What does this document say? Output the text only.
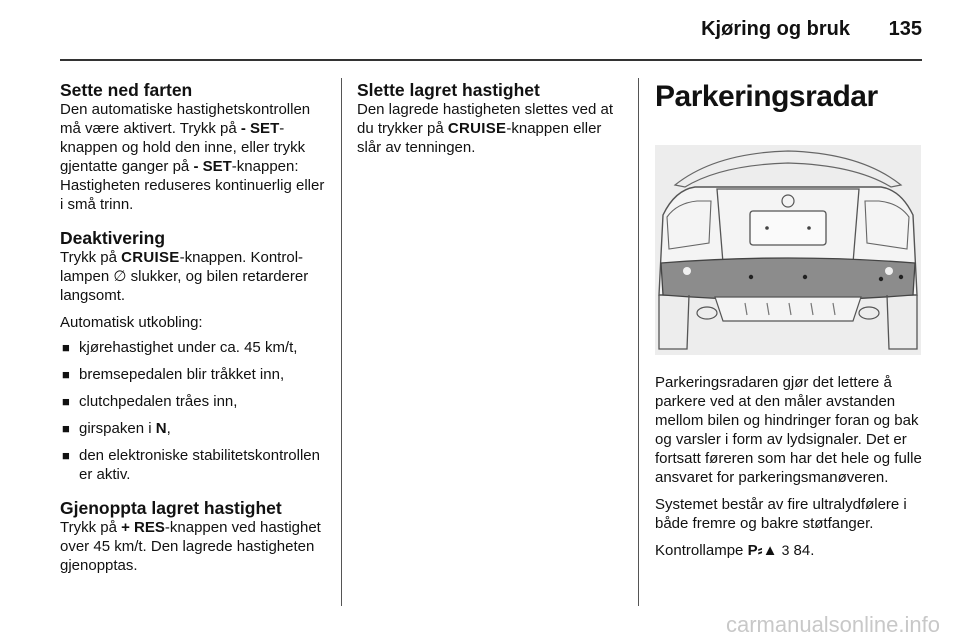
Kjøring og bruk	135
Sette ned farten

Den automatiske hastighetskontrollen må være aktivert. Trykk på - SET-knappen og hold den inne, eller trykk gjentatte ganger på - SET-knappen: Hastigheten reduseres kontinuerlig eller i små trinn.

Deaktivering

Trykk på CRUISE-knappen. Kontrollampen ∅ slukker, og bilen retarderer langsomt.

Automatisk utkobling:

■ kjørehastighet under ca. 45 km/t,
■ bremsepedalen blir tråkket inn,
■ clutchpedalen tråes inn,
■ girspaken i N,
■ den elektroniske stabilitetskontrollen er aktiv.
Gjenoppta lagret hastighet

Trykk på + RES-knappen ved hastighet over 45 km/t. Den lagrede hastigheten gjenopptas.

Slette lagret hastighet

Den lagrede hastigheten slettes ved at du trykker på CRUISE-knappen eller slår av tenningen.

Parkeringsradar

Parkeringsradaren gjør det lettere å parkere ved at den måler avstanden mellom bilen og hindringer foran og bak og varsler i form av lydsignaler. Det er fortsatt føreren som har det hele og fulle ansvaret for parkeringsmanøveren.

Systemet består av fire ultralydfølere i både fremre og bakre støtfanger.

Kontrollampe P⸗▲ 3 84.

carmanualsonline.info
